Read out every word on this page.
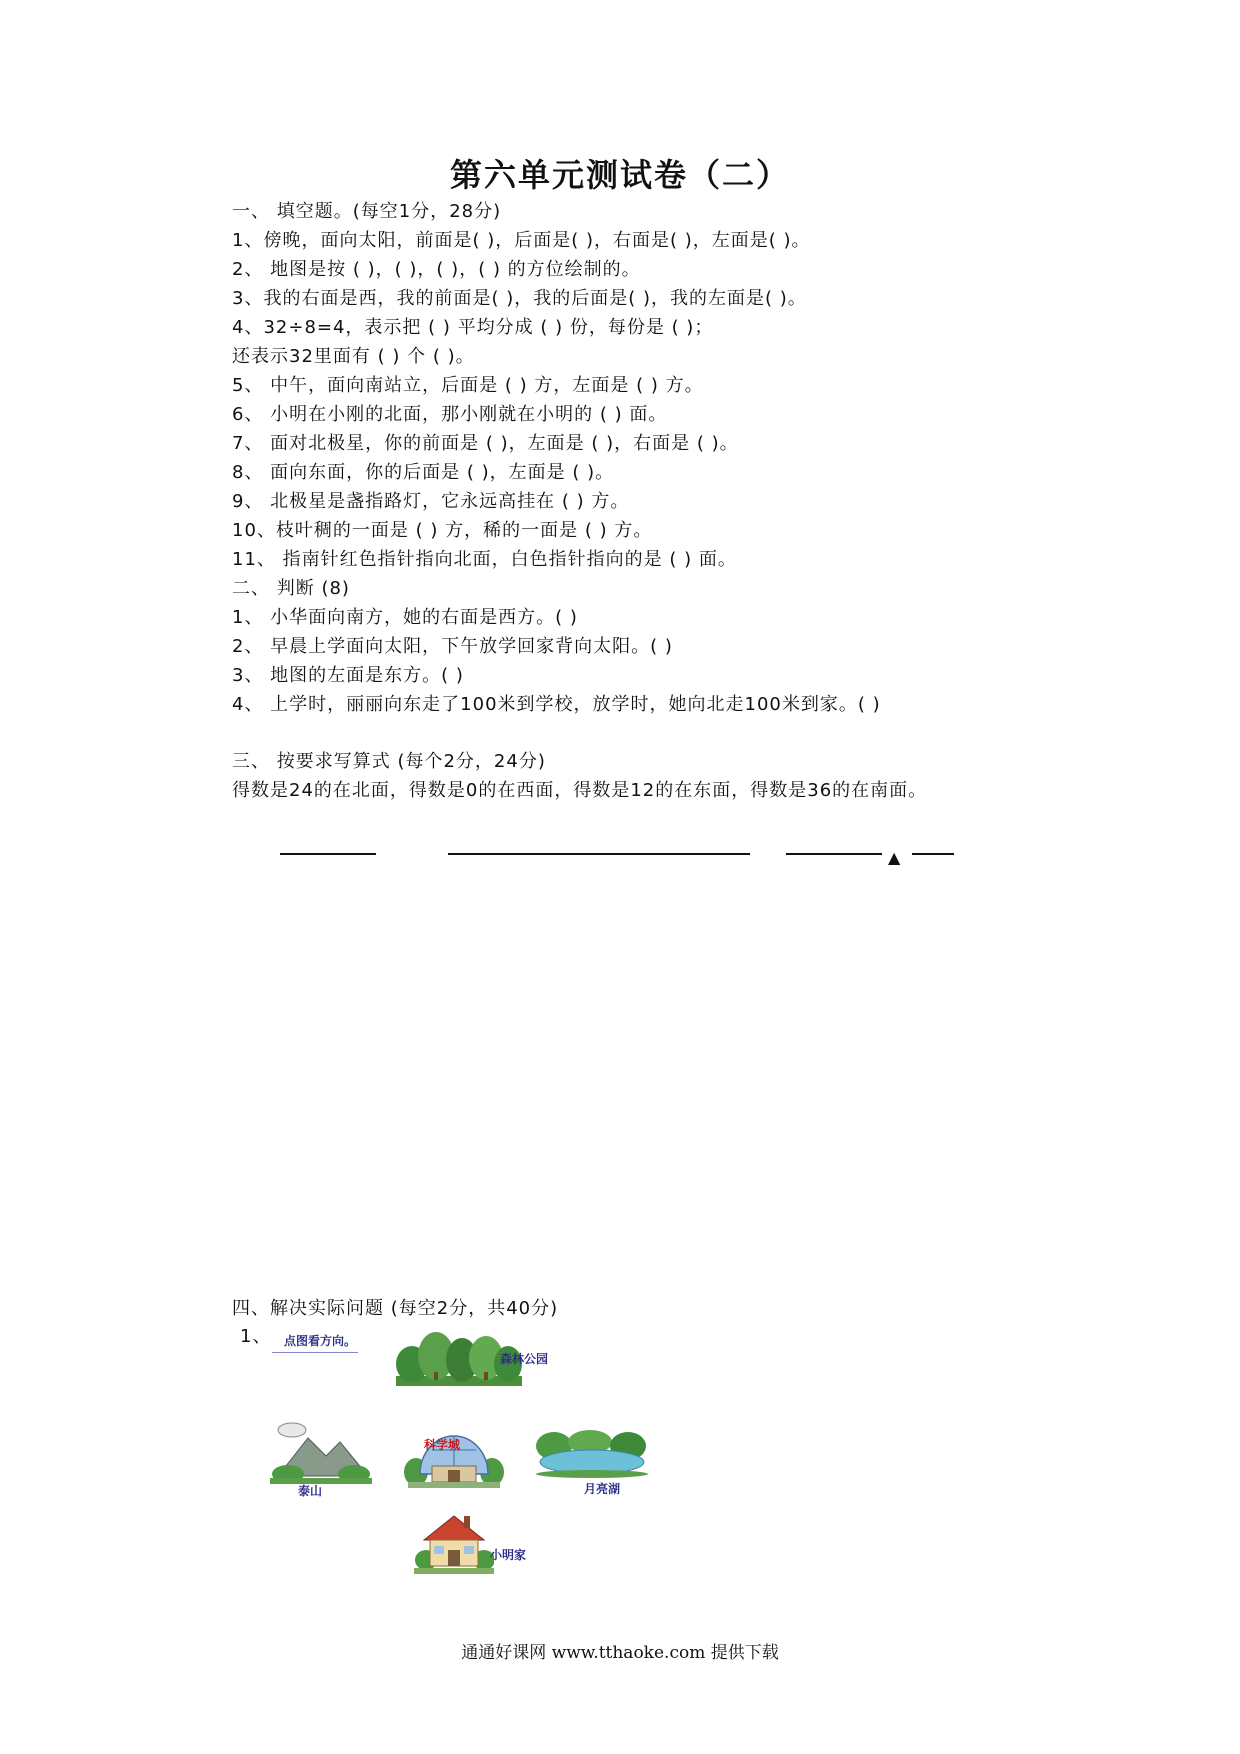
第六单元测试卷（二）
一、 填空题。(每空1分，28分)
1、傍晚，面向太阳，前面是( )，后面是( )，右面是( )，左面是( )。
2、 地图是按 ( )，( )，( )，( ) 的方位绘制的。
3、我的右面是西，我的前面是( )，我的后面是( )，我的左面是( )。
4、32÷8=4，表示把 ( ) 平均分成 ( ) 份，每份是 ( )；
还表示32里面有 ( ) 个 ( )。
5、 中午，面向南站立，后面是 ( ) 方，左面是 ( ) 方。
6、 小明在小刚的北面，那小刚就在小明的 ( ) 面。
7、 面对北极星，你的前面是 ( )，左面是 ( )，右面是 ( )。
8、 面向东面，你的后面是 ( )，左面是 ( )。
9、 北极星是盏指路灯，它永远高挂在 ( ) 方。
10、枝叶稠的一面是 ( ) 方，稀的一面是 ( ) 方。
11、 指南针红色指针指向北面，白色指针指向的是 ( ) 面。
二、 判断 (8)
1、 小华面向南方，她的右面是西方。( )
2、 早晨上学面向太阳，下午放学回家背向太阳。( )
3、 地图的左面是东方。( )
4、 上学时，丽丽向东走了100米到学校，放学时，她向北走100米到家。( )
三、 按要求写算式 (每个2分，24分)
得数是24的在北面，得数是0的在西面，得数是12的在东面，得数是36的在南面。
▲
四、解决实际问题 (每空2分，共40分)
1、 点图看方向。
森林公园
泰山
科学城
月亮湖
小明家
通通好课网 www.tthaoke.com 提供下载
